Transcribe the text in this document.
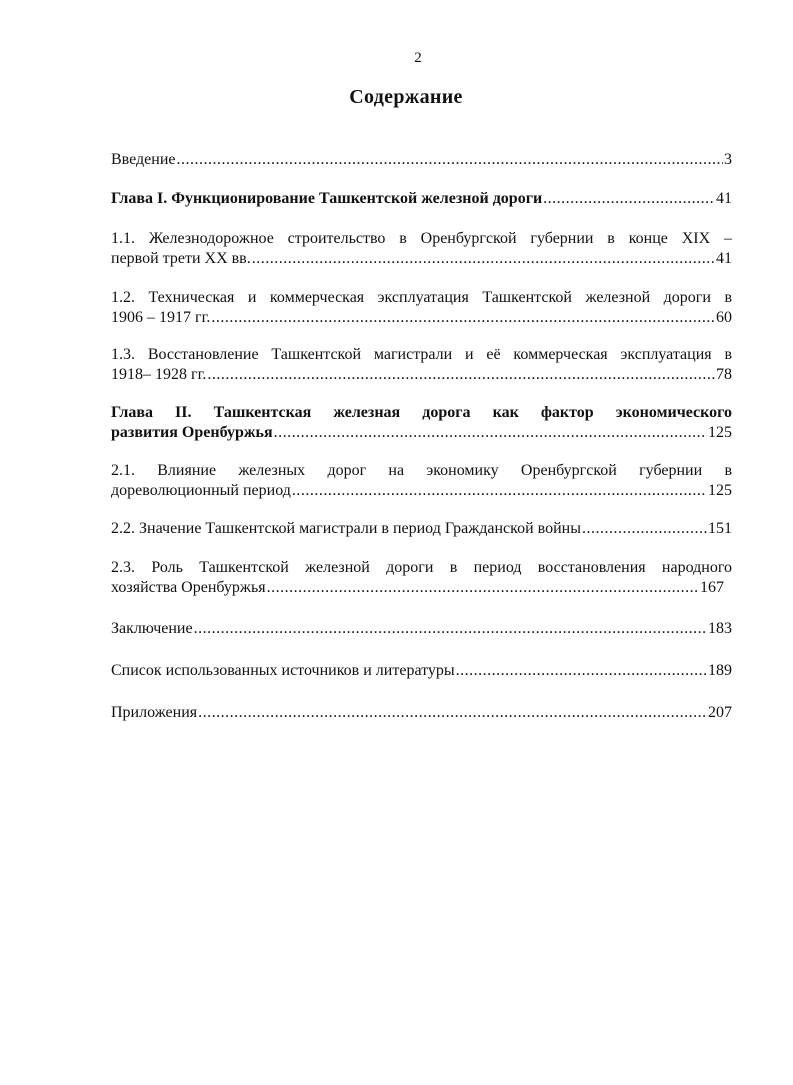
2
Содержание
Введение .....	3
Глава I. Функционирование Ташкентской железной дороги .....	41
1.1. Железнодорожное строительство в Оренбургской губернии в конце XIX –
первой трети XX вв. .....	41
1.2. Техническая и коммерческая эксплуатация Ташкентской железной дороги в
1906 – 1917 гг. .....	60
1.3. Восстановление Ташкентской магистрали и её коммерческая эксплуатация в
1918– 1928 гг. .....	78
Глава II. Ташкентская железная дорога как фактор экономического
развития Оренбуржья .....	125
2.1. Влияние железных дорог на экономику Оренбургской губернии в
дореволюционный период .....	125
2.2. Значение Ташкентской магистрали в период Гражданской войны .....	151
2.3. Роль Ташкентской железной дороги в период восстановления народного
хозяйства Оренбуржья .....	167
Заключение .....	183
Список использованных источников и литературы .....	189
Приложения .....	207
